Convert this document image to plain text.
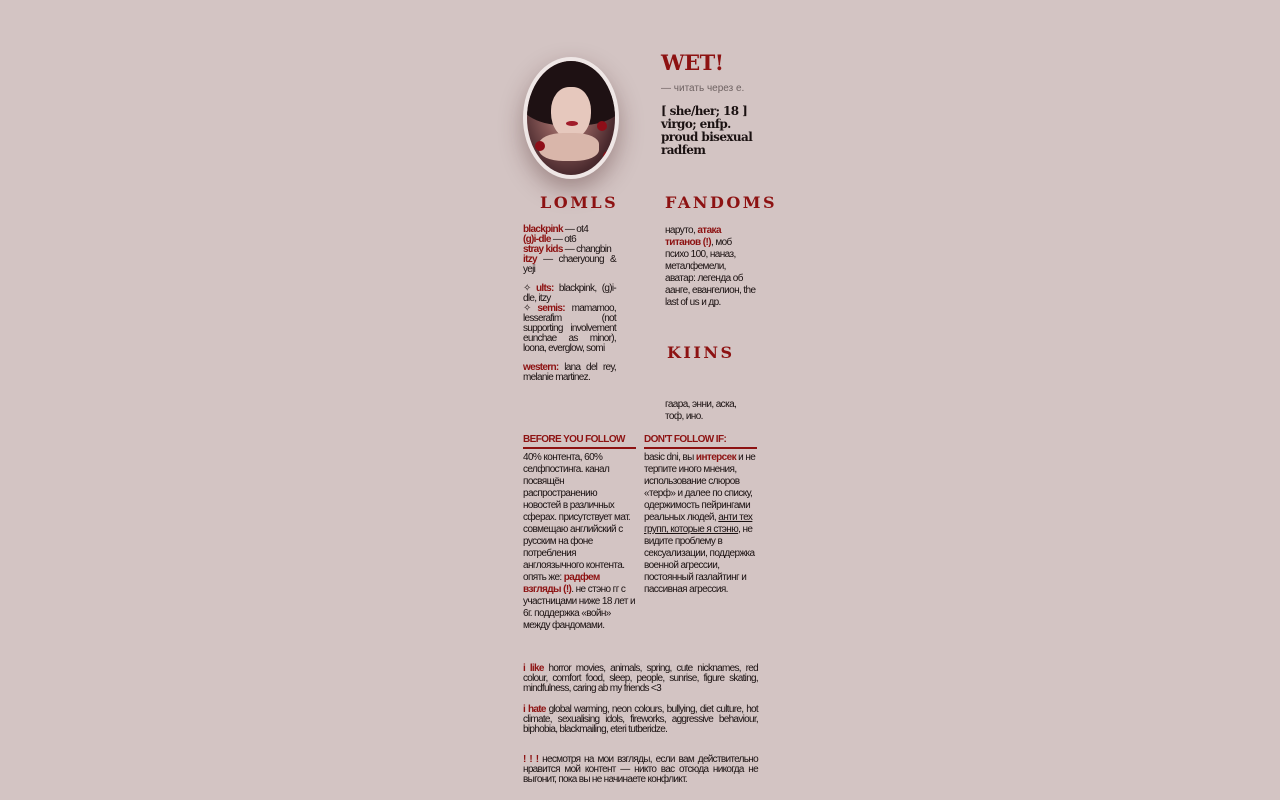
WET!
— читать через e.
[ she/her; 18 ]
virgo; enfp.
proud bisexual
radfem
LOMLS

blackpink — ot4

(g)i-dle — ot6

stray kids — changbin

itzy — chaeryoung & yeji

✧ ults: blackpink, (g)i-dle, itzy

✧ semis: mamamoo, lesserafim (not supporting involvement eunchae as minor), loona, everglow, somi

western: lana del rey, melanie martinez.

FANDOMS

наруто, атака титанов (!), моб психо 100, наназ, металфемели, аватар: легенда об аанге, евангелион, the last of us и др.

KIINS
гаара, энни, аска, тоф, ино.
BEFORE YOU FOLLOW

40% контента, 60% селфпостинга. канал посвящён распространению новостей в различных сферах. присутствует мат. совмещаю английский с русским на фоне потребления англоязычного контента. опять же: радфем взгляды (!). не стэно гг с участницами ниже 18 лет и 6г. поддержка «войн» между фандомами.

DON'T FOLLOW IF:

basic dni, вы интерсек и не терпите иного мнения, использование слюров «терф» и далее по списку, одержимость пейрингами реальных людей, анти тех групп, которые я стэню, не видите проблему в сексуализации, поддержка военной агрессии, постоянный газлайтинг и пассивная агрессия.

i like horror movies, animals, spring, cute nicknames, red colour, comfort food, sleep, people, sunrise, figure skating, mindfulness, caring ab my friends <3

i hate global warming, neon colours, bullying, diet culture, hot climate, sexualising idols, fireworks, aggressive behaviour, biphobia, blackmailing, eteri tutberidze.

! ! ! несмотря на мои взгляды, если вам действительно нравится мой контент — никто вас отсюда никогда не выгонит, пока вы не начинаете конфликт.
